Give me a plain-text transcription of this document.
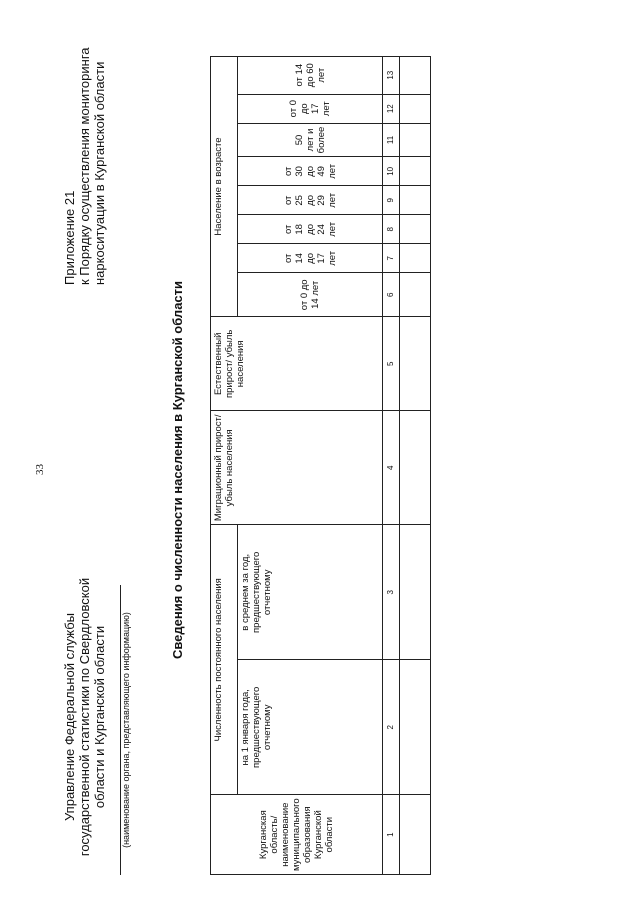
33
Приложение 21 к Порядку осуществления мониторинга наркоситуации в Курганской области
Управление Федеральной службы государственной статистики по Свердловской области и Курганской области (наименование органа, представляющего информацию)
Сведения о численности населения в Курганской области
Курганская область/ наименование муниципального образования Курганской области	Численность постоянного населения		Миграционный прирост/ убыль населения	Естественный прирост/ убыль населения	Население в возрасте							
	на 1 января года, предшествующего отчетному	в среднем за год, предшествующего отчетному			от 0 до 14 лет	от 14 до 17 лет	от 18 до 24 лет	от 25 до 29 лет	от 30 до 49 лет	50 лет и более	от 0 до 17 лет	от 14 до 60 лет
1	2	3	4	5	6	7	8	9	10	11	12	13
